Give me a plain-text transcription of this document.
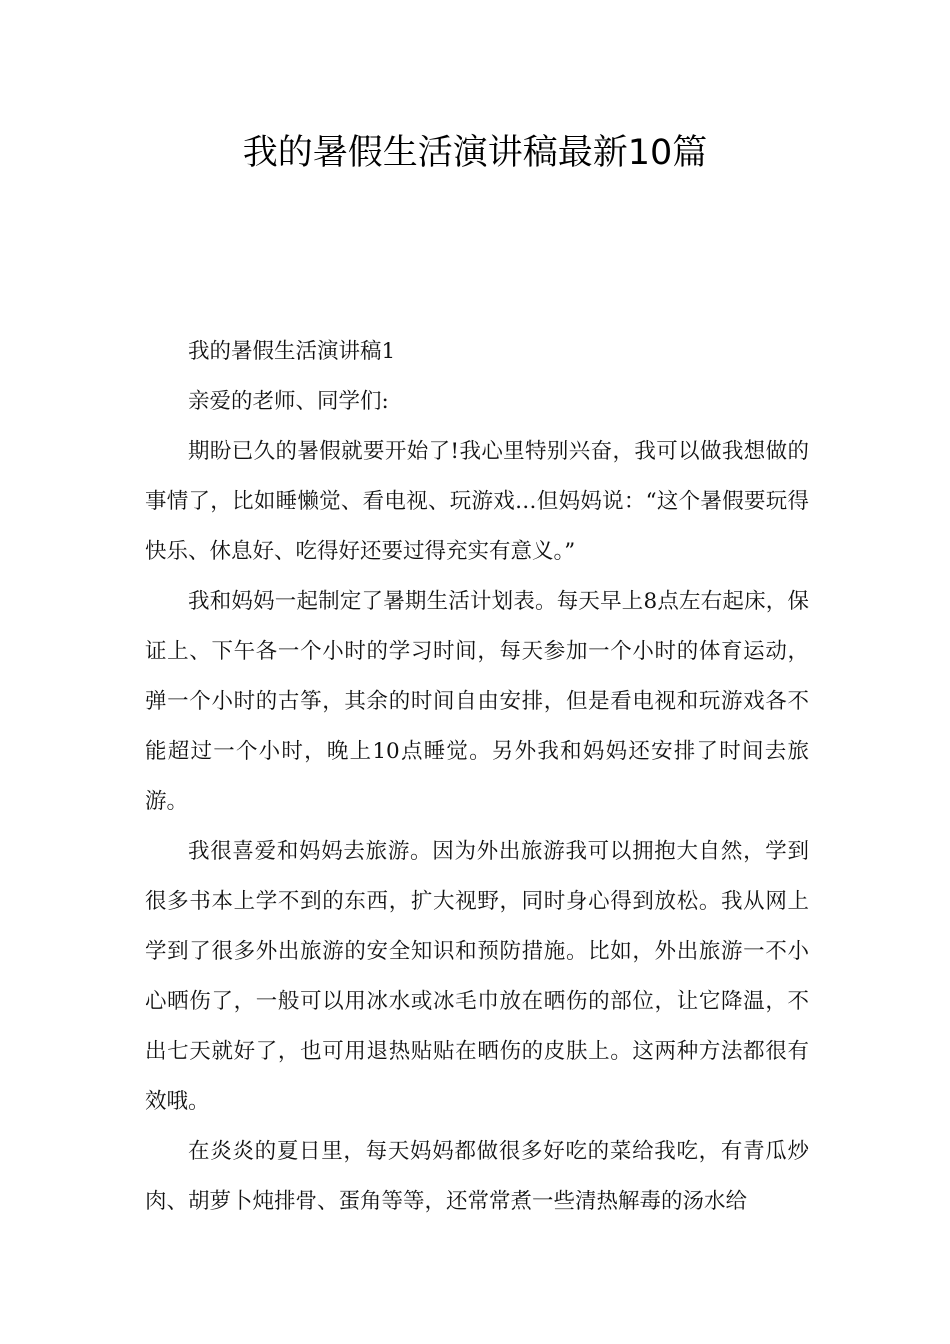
我的暑假生活演讲稿最新10篇

我的暑假生活演讲稿1

亲爱的老师、同学们:

期盼已久的暑假就要开始了!我心里特别兴奋，我可以做我想做的事情了，比如睡懒觉、看电视、玩游戏…但妈妈说：“这个暑假要玩得快乐、休息好、吃得好还要过得充实有意义。”

我和妈妈一起制定了暑期生活计划表。每天早上8点左右起床，保证上、下午各一个小时的学习时间，每天参加一个小时的体育运动，弹一个小时的古筝，其余的时间自由安排，但是看电视和玩游戏各不能超过一个小时，晚上10点睡觉。另外我和妈妈还安排了时间去旅游。

我很喜爱和妈妈去旅游。因为外出旅游我可以拥抱大自然，学到很多书本上学不到的东西，扩大视野，同时身心得到放松。我从网上学到了很多外出旅游的安全知识和预防措施。比如，外出旅游一不小心晒伤了，一般可以用冰水或冰毛巾放在晒伤的部位，让它降温，不出七天就好了，也可用退热贴贴在晒伤的皮肤上。这两种方法都很有效哦。

在炎炎的夏日里，每天妈妈都做很多好吃的菜给我吃，有青瓜炒肉、胡萝卜炖排骨、蛋角等等，还常常煮一些清热解毒的汤水给
